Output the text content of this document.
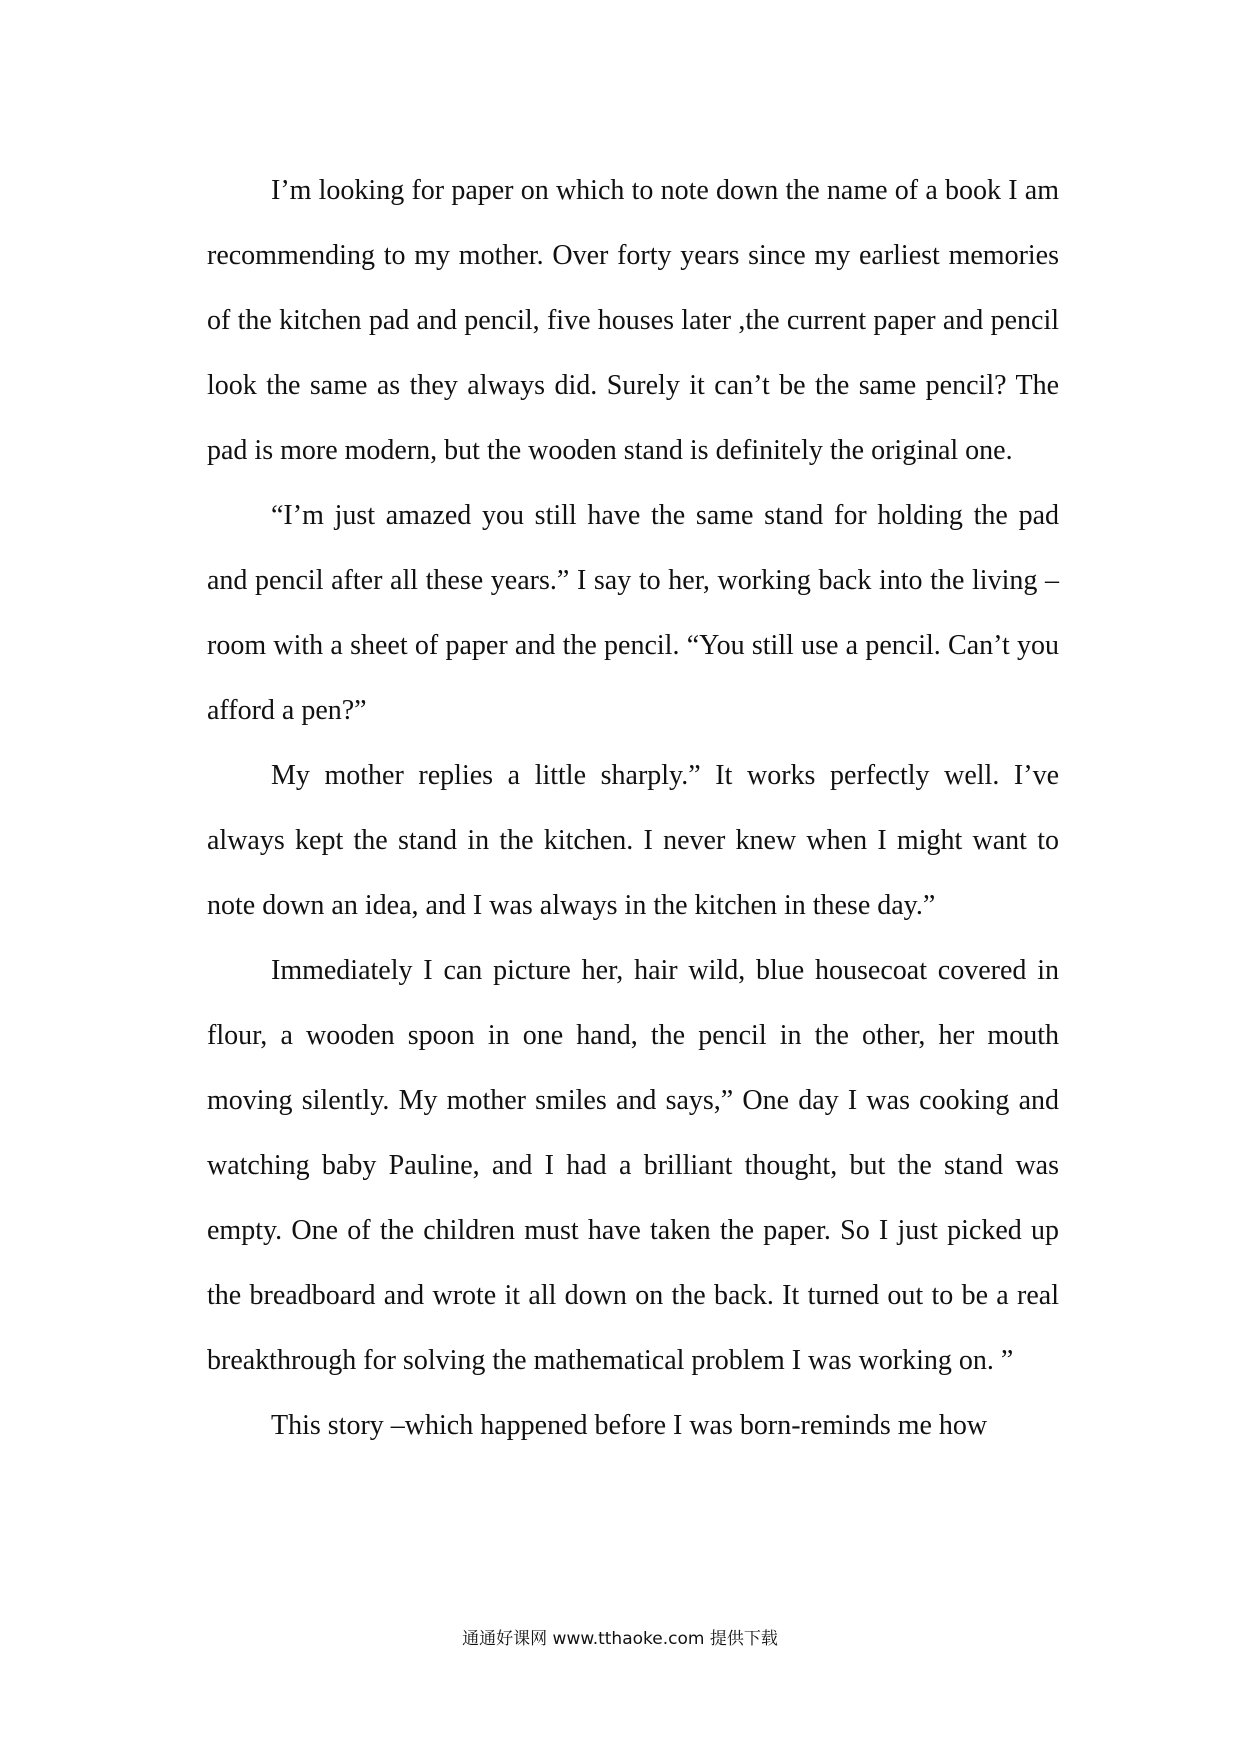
I’m looking for paper on which to note down the name of a book I am recommending to my mother. Over forty years since my earliest memories of the kitchen pad and pencil, five houses later ,the current paper and pencil look the same as they always did. Surely it can’t be the same pencil? The pad is more modern, but the wooden stand is definitely the original one.

“I’m just amazed you still have the same stand for holding the pad and pencil after all these years.” I say to her, working back into the living –room with a sheet of paper and the pencil. “You still use a pencil. Can’t you afford a pen?”

My mother replies a little sharply.” It works perfectly well. I’ve always kept the stand in the kitchen. I never knew when I might want to note down an idea, and I was always in the kitchen in these day.”

Immediately I can picture her, hair wild, blue housecoat covered in flour, a wooden spoon in one hand, the pencil in the other, her mouth moving silently. My mother smiles and says,” One day I was cooking and watching baby Pauline, and I had a brilliant thought, but the stand was empty. One of the children must have taken the paper. So I just picked up the breadboard and wrote it all down on the back. It turned out to be a real breakthrough for solving the mathematical problem I was working on. ”

This story –which happened before I was born-reminds me how

通通好课网 www.tthaoke.com 提供下载
